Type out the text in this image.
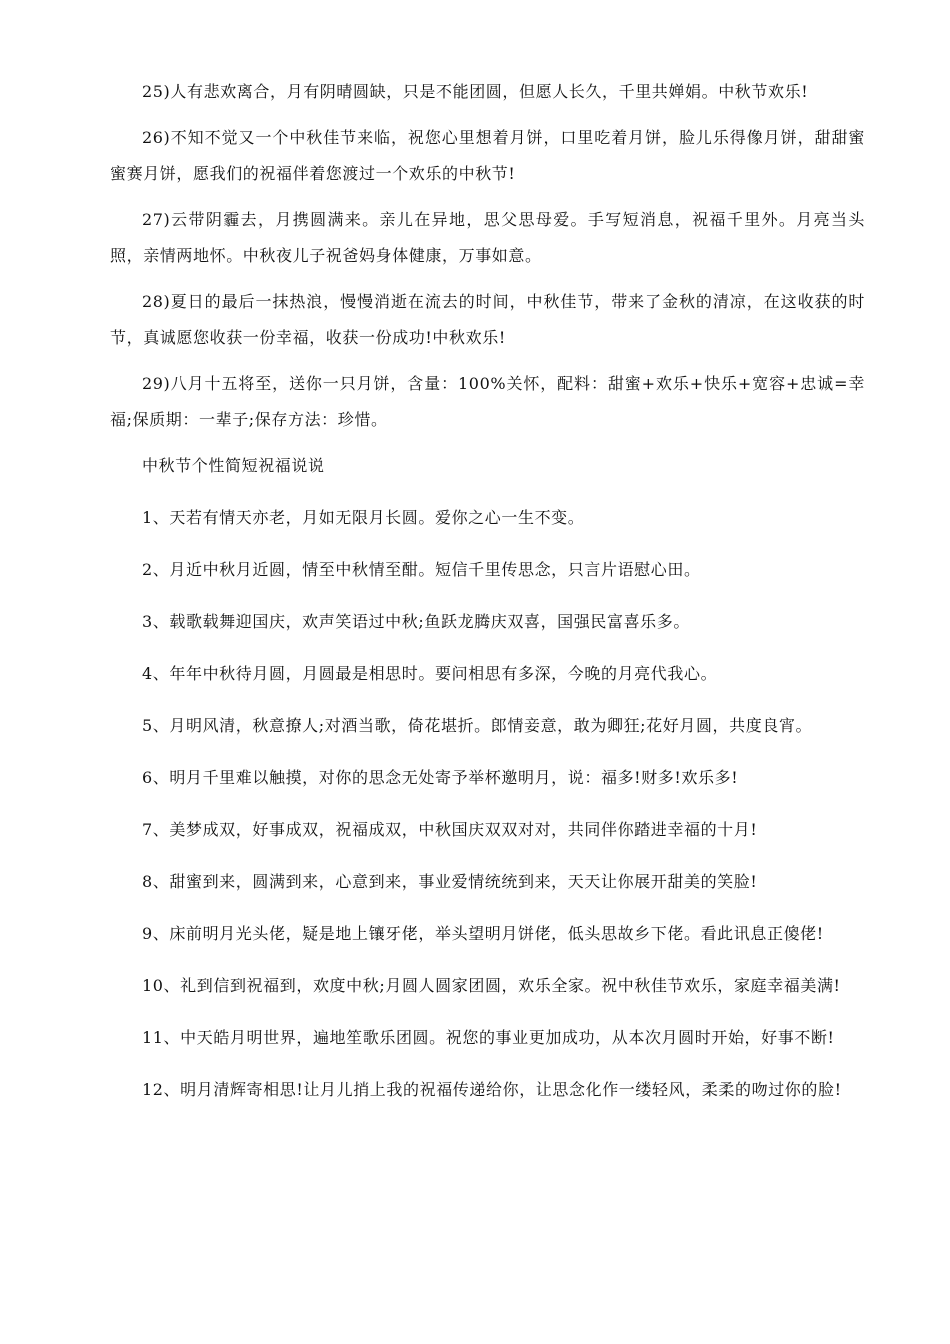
25)人有悲欢离合，月有阴晴圆缺，只是不能团圆，但愿人长久，千里共婵娟。中秋节欢乐!

26)不知不觉又一个中秋佳节来临，祝您心里想着月饼，口里吃着月饼，脸儿乐得像月饼，甜甜蜜蜜赛月饼，愿我们的祝福伴着您渡过一个欢乐的中秋节!

27)云带阴霾去，月携圆满来。亲儿在异地，思父思母爱。手写短消息，祝福千里外。月亮当头照，亲情两地怀。中秋夜儿子祝爸妈身体健康，万事如意。

28)夏日的最后一抹热浪，慢慢消逝在流去的时间，中秋佳节，带来了金秋的清凉，在这收获的时节，真诚愿您收获一份幸福，收获一份成功!中秋欢乐!

29)八月十五将至，送你一只月饼，含量：100%关怀，配料：甜蜜+欢乐+快乐+宽容+忠诚=幸福;保质期：一辈子;保存方法：珍惜。

中秋节个性简短祝福说说

1、天若有情天亦老，月如无限月长圆。爱你之心一生不变。

2、月近中秋月近圆，情至中秋情至酣。短信千里传思念，只言片语慰心田。

3、载歌载舞迎国庆，欢声笑语过中秋;鱼跃龙腾庆双喜，国强民富喜乐多。

4、年年中秋待月圆，月圆最是相思时。要问相思有多深，今晚的月亮代我心。

5、月明风清，秋意撩人;对酒当歌，倚花堪折。郎情妾意，敢为卿狂;花好月圆，共度良宵。

6、明月千里难以触摸，对你的思念无处寄予举杯邀明月，说：福多!财多!欢乐多!

7、美梦成双，好事成双，祝福成双，中秋国庆双双对对，共同伴你踏进幸福的十月!

8、甜蜜到来，圆满到来，心意到来，事业爱情统统到来，天天让你展开甜美的笑脸!

9、床前明月光头佬，疑是地上镶牙佬，举头望明月饼佬，低头思故乡下佬。看此讯息正傻佬!

10、礼到信到祝福到，欢度中秋;月圆人圆家团圆，欢乐全家。祝中秋佳节欢乐，家庭幸福美满!

11、中天皓月明世界，遍地笙歌乐团圆。祝您的事业更加成功，从本次月圆时开始，好事不断!

12、明月清辉寄相思!让月儿捎上我的祝福传递给你，让思念化作一缕轻风，柔柔的吻过你的脸!
